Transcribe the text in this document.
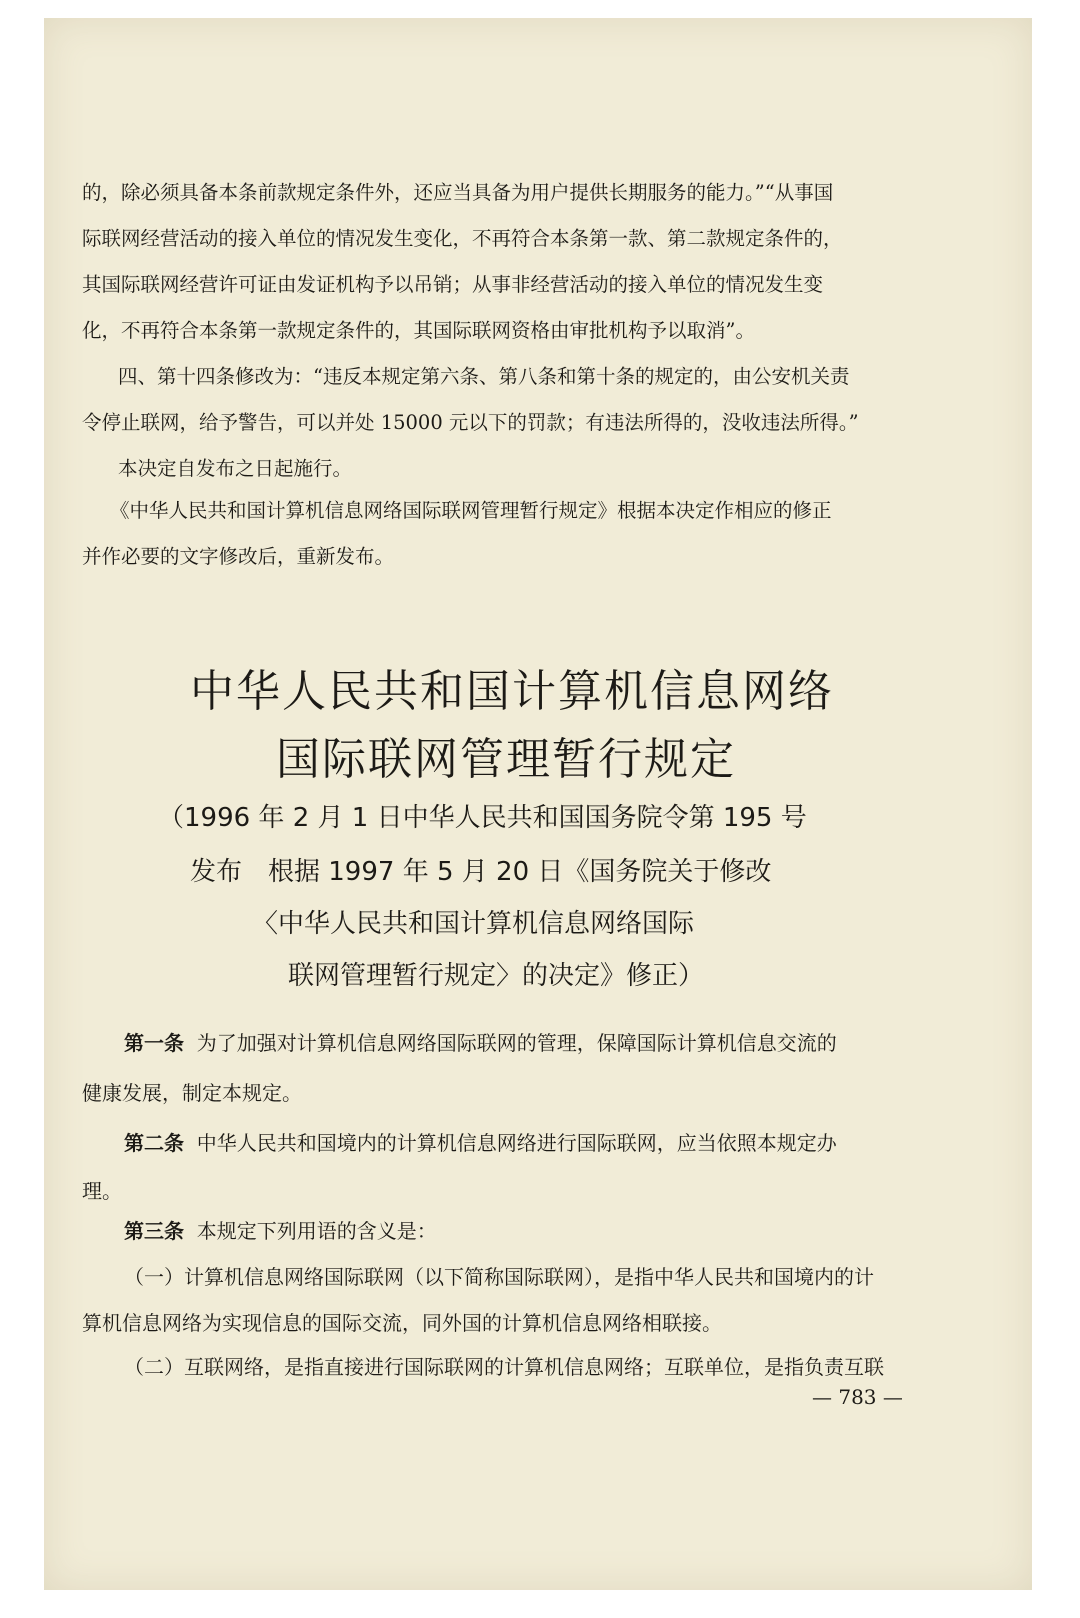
的，除必须具备本条前款规定条件外，还应当具备为用户提供长期服务的能力。”“从事国

际联网经营活动的接入单位的情况发生变化，不再符合本条第一款、第二款规定条件的，

其国际联网经营许可证由发证机构予以吊销；从事非经营活动的接入单位的情况发生变

化，不再符合本条第一款规定条件的，其国际联网资格由审批机构予以取消”。

四、第十四条修改为：“违反本规定第六条、第八条和第十条的规定的，由公安机关责

令停止联网，给予警告，可以并处 15000 元以下的罚款；有违法所得的，没收违法所得。”

本决定自发布之日起施行。

《中华人民共和国计算机信息网络国际联网管理暂行规定》根据本决定作相应的修正

并作必要的文字修改后，重新发布。

中华人民共和国计算机信息网络
国际联网管理暂行规定

（1996 年 2 月 1 日中华人民共和国国务院令第 195 号

发布　根据 1997 年 5 月 20 日《国务院关于修改

〈中华人民共和国计算机信息网络国际

联网管理暂行规定〉的决定》修正）

第一条 为了加强对计算机信息网络国际联网的管理，保障国际计算机信息交流的

健康发展，制定本规定。

第二条 中华人民共和国境内的计算机信息网络进行国际联网，应当依照本规定办

理。

第三条 本规定下列用语的含义是：

（一）计算机信息网络国际联网（以下简称国际联网），是指中华人民共和国境内的计

算机信息网络为实现信息的国际交流，同外国的计算机信息网络相联接。

（二）互联网络，是指直接进行国际联网的计算机信息网络；互联单位，是指负责互联

— 783 —
